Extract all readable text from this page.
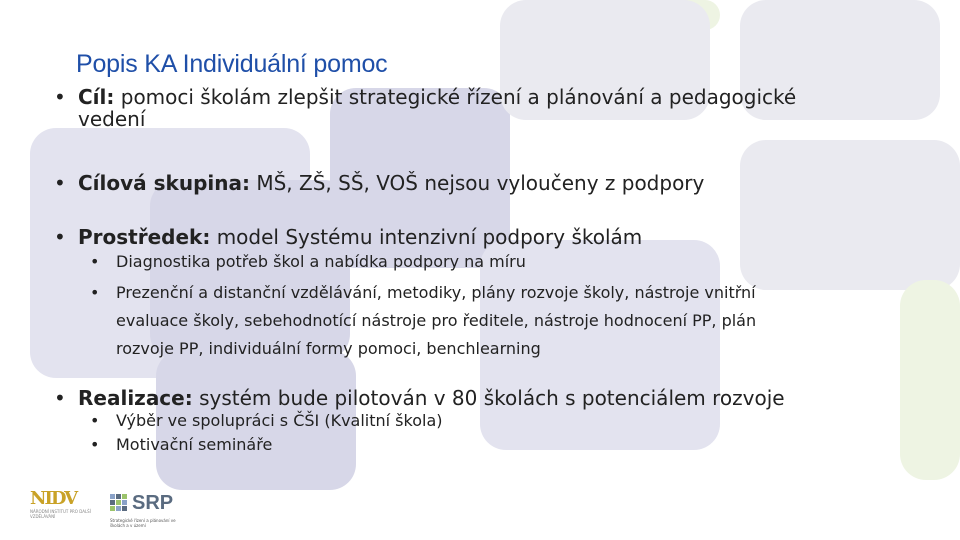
Popis KA Individuální pomoc
• Cíl: pomoci školám zlepšit strategické řízení a plánování a pedagogické
vedení
• Cílová skupina: MŠ, ZŠ, SŠ, VOŠ nejsou vyloučeny z podpory
• Prostředek: model Systému intenzivní podpory školám
• Diagnostika potřeb škol a nabídka podpory na míru
• Prezenční a distanční vzdělávání, metodiky, plány rozvoje školy, nástroje vnitřní
evaluace školy, sebehodnotící nástroje pro ředitele, nástroje hodnocení PP, plán
rozvoje PP, individuální formy pomoci, benchlearning
• Realizace: systém bude pilotován v 80 školách s potenciálem rozvoje
• Výběr ve spolupráci s ČŠI (Kvalitní škola)
• Motivační semináře
NIDV
NÁRODNÍ INSTITUT PRO DALŠÍ VZDĚLÁVÁNÍ
SRP
Strategické řízení a plánování ve školách a v území
